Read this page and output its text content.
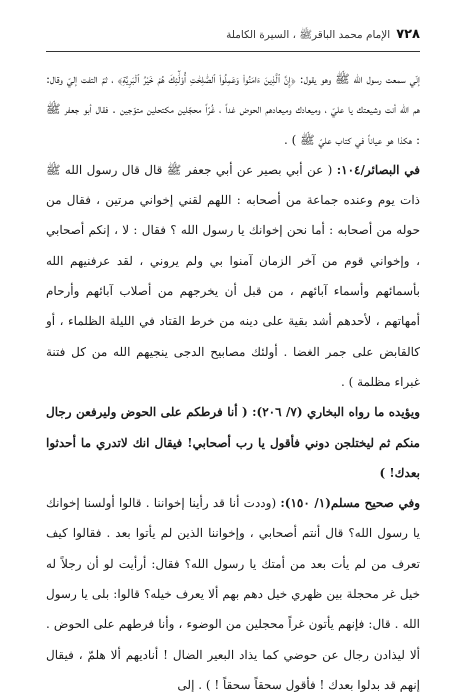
٧٢٨
الإمام محمد الباقرﷺ ، السيرة الكاملة

إنّي سمعت رسول الله ﷺ وهو يقول: ﴿إِنَّ ٱلَّذِينَ ءَامَنُواْ وَعَمِلُواْ ٱلصَّٰلِحَٰتِ أُوْلَٰٓئِكَ هُمْ خَيْرُ ٱلْبَرِيَّةِ﴾ ، ثمّ التفت إليّ وقال: هم الله أنت وشيعتك يا عليّ ، وميعادك وميعادهم الحوض غداً ، غُرّاً محجّلين مكتحلين متوّجين . فقال أبو جعفر ﷺ : هكذا هو عياناً في كتاب عليّ ﷺ ) .

في البصائر/١٠٤: ( عن أبي بصير عن أبي جعفر ﷺ قال قال رسول الله ﷺ ذات يوم وعنده جماعة من أصحابه : اللهم لقني إخواني مرتين ، فقال من حوله من أصحابه : أما نحن إخوانك يا رسول الله ؟ فقال : لا ، إنكم أصحابي ، وإخواني قوم من آخر الزمان آمنوا بي ولم يروني ، لقد عرفنيهم الله بأسمائهم وأسماء آبائهم ، من قبل أن يخرجهم من أصلاب آبائهم وأرحام أمهاتهم ، لأحدهم أشد بقية على دينه من خرط القتاد في الليلة الظلماء ، أو كالقابض على جمر الغضا . أولئك مصابيح الدجى ينجيهم الله من كل فتنة غبراء مظلمة ) .

ويؤيده ما رواه البخاري (٧/ ٢٠٦): ( أنا فرطكم على الحوض وليرفعن رجال منكم ثم ليختلجن دوني فأقول يا رب أصحابي! فيقال انك لاتدري ما أحدثوا بعدك! )

وفي صحيح مسلم(١/ ١٥٠): (وددت أنا قد رأينا إخواننا . قالوا أولسنا إخوانك يا رسول الله؟ قال أنتم أصحابي ، وإخواننا الذين لم يأتوا بعد . فقالوا كيف تعرف من لم يأت بعد من أمتك يا رسول الله؟ فقال: أرأيت لو أن رجلاً له خيل غر محجلة بين ظهري خيل دهم بهم ألا يعرف خيله؟ قالوا: بلى يا رسول الله . قال: فإنهم يأتون غراً محجلين من الوضوء ، وأنا فرطهم على الحوض . ألا ليذادن رجال عن حوضي كما يذاد البعير الضال ! أناديهم ألا هلمّ ، فيقال إنهم قد بدلوا بعدك ! فأقول سحقاً سحقاً ! ) . إلى
